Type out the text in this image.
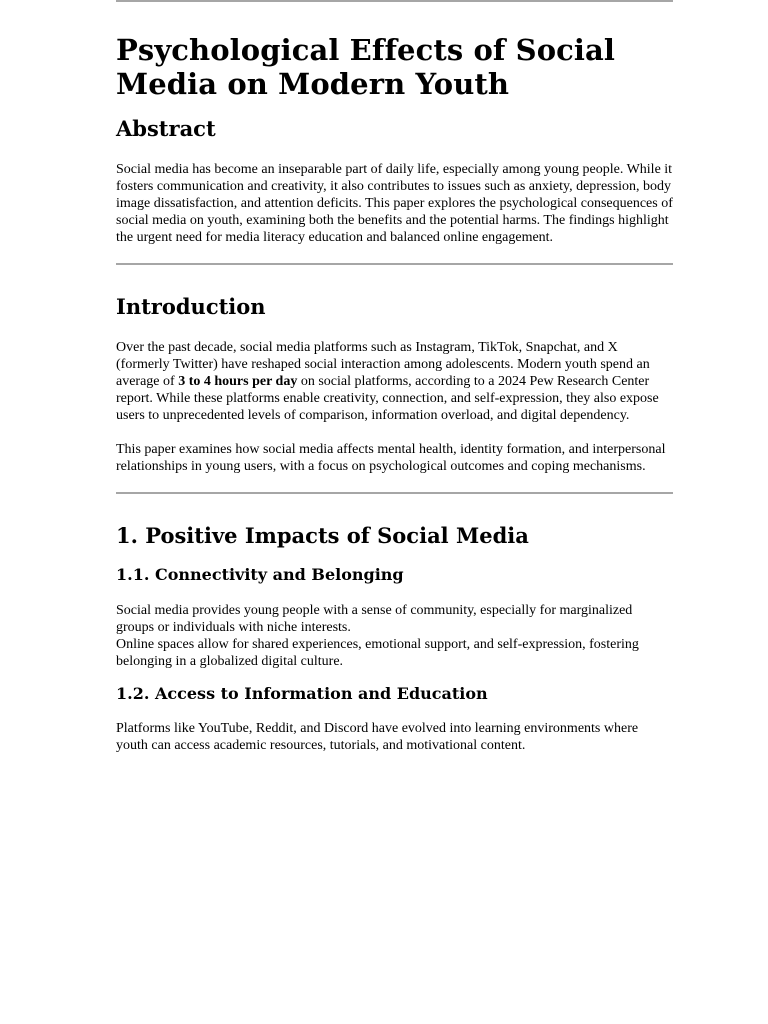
Psychological Effects of Social Media on Modern Youth
Abstract

Social media has become an inseparable part of daily life, especially among young people. While it fosters communication and creativity, it also contributes to issues such as anxiety, depression, body image dissatisfaction, and attention deficits. This paper explores the psychological consequences of social media on youth, examining both the benefits and the potential harms. The findings highlight the urgent need for media literacy education and balanced online engagement.

Introduction

Over the past decade, social media platforms such as Instagram, TikTok, Snapchat, and X (formerly Twitter) have reshaped social interaction among adolescents. Modern youth spend an average of 3 to 4 hours per day on social platforms, according to a 2024 Pew Research Center report. While these platforms enable creativity, connection, and self-expression, they also expose users to unprecedented levels of comparison, information overload, and digital dependency.

This paper examines how social media affects mental health, identity formation, and interpersonal relationships in young users, with a focus on psychological outcomes and coping mechanisms.

1. Positive Impacts of Social Media
1.1. Connectivity and Belonging

Social media provides young people with a sense of community, especially for marginalized groups or individuals with niche interests.

Online spaces allow for shared experiences, emotional support, and self-expression, fostering belonging in a globalized digital culture.

1.2. Access to Information and Education

Platforms like YouTube, Reddit, and Discord have evolved into learning environments where youth can access academic resources, tutorials, and motivational content.
